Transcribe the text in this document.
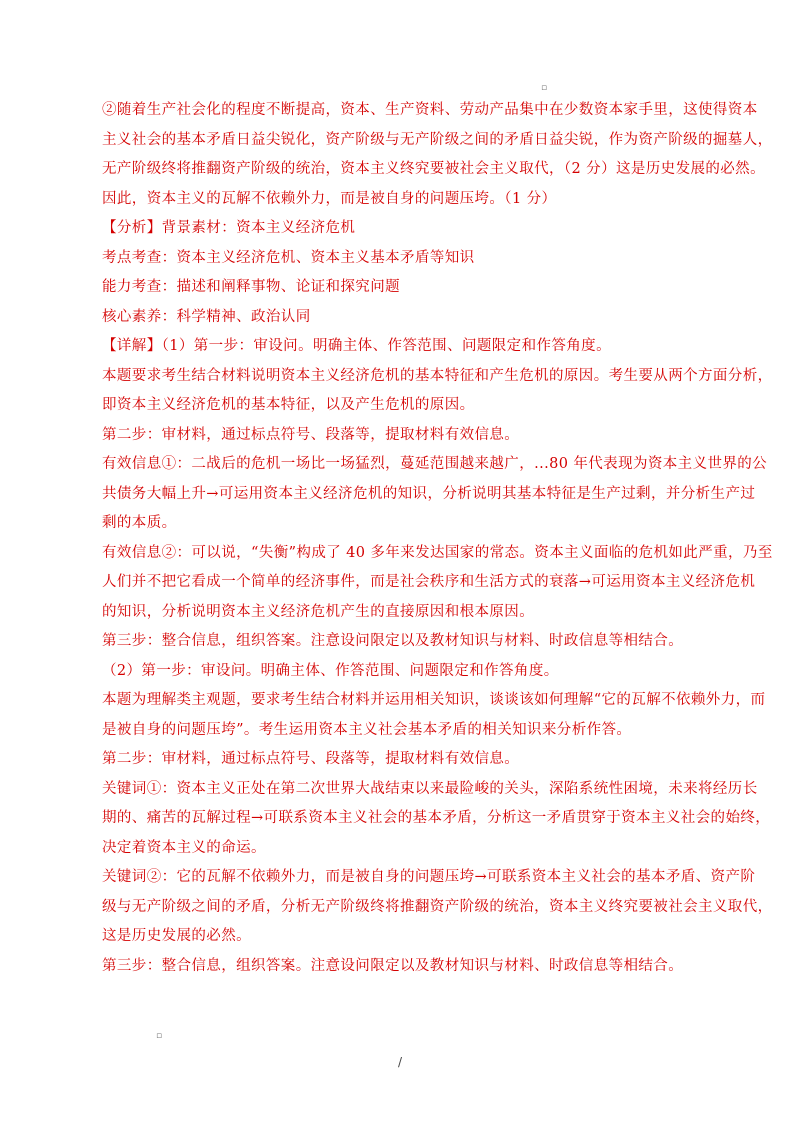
▫

②随着生产社会化的程度不断提高，资本、生产资料、劳动产品集中在少数资本家手里，这使得资本

主义社会的基本矛盾日益尖锐化，资产阶级与无产阶级之间的矛盾日益尖锐，作为资产阶级的掘墓人，

无产阶级终将推翻资产阶级的统治，资本主义终究要被社会主义取代，（2 分）这是历史发展的必然。

因此，资本主义的瓦解不依赖外力，而是被自身的问题压垮。（1 分）

【分析】背景素材：资本主义经济危机

考点考查：资本主义经济危机、资本主义基本矛盾等知识

能力考查：描述和阐释事物、论证和探究问题

核心素养：科学精神、政治认同

【详解】（1）第一步：审设问。明确主体、作答范围、问题限定和作答角度。

本题要求考生结合材料说明资本主义经济危机的基本特征和产生危机的原因。考生要从两个方面分析，

即资本主义经济危机的基本特征，以及产生危机的原因。

第二步：审材料，通过标点符号、段落等，提取材料有效信息。

有效信息①：二战后的危机一场比一场猛烈，蔓延范围越来越广，...80 年代表现为资本主义世界的公

共债务大幅上升→可运用资本主义经济危机的知识，分析说明其基本特征是生产过剩，并分析生产过

剩的本质。

有效信息②：可以说，“失衡”构成了 40 多年来发达国家的常态。资本主义面临的危机如此严重，乃至

人们并不把它看成一个简单的经济事件，而是社会秩序和生活方式的衰落→可运用资本主义经济危机

的知识，分析说明资本主义经济危机产生的直接原因和根本原因。

第三步：整合信息，组织答案。注意设问限定以及教材知识与材料、时政信息等相结合。

（2）第一步：审设问。明确主体、作答范围、问题限定和作答角度。

本题为理解类主观题，要求考生结合材料并运用相关知识，谈谈该如何理解“它的瓦解不依赖外力，而

是被自身的问题压垮”。考生运用资本主义社会基本矛盾的相关知识来分析作答。

第二步：审材料，通过标点符号、段落等，提取材料有效信息。

关键词①：资本主义正处在第二次世界大战结束以来最险峻的关头，深陷系统性困境，未来将经历长

期的、痛苦的瓦解过程→可联系资本主义社会的基本矛盾，分析这一矛盾贯穿于资本主义社会的始终，

决定着资本主义的命运。

关键词②：它的瓦解不依赖外力，而是被自身的问题压垮→可联系资本主义社会的基本矛盾、资产阶

级与无产阶级之间的矛盾，分析无产阶级终将推翻资产阶级的统治，资本主义终究要被社会主义取代，

这是历史发展的必然。

第三步：整合信息，组织答案。注意设问限定以及教材知识与材料、时政信息等相结合。

▫
/
